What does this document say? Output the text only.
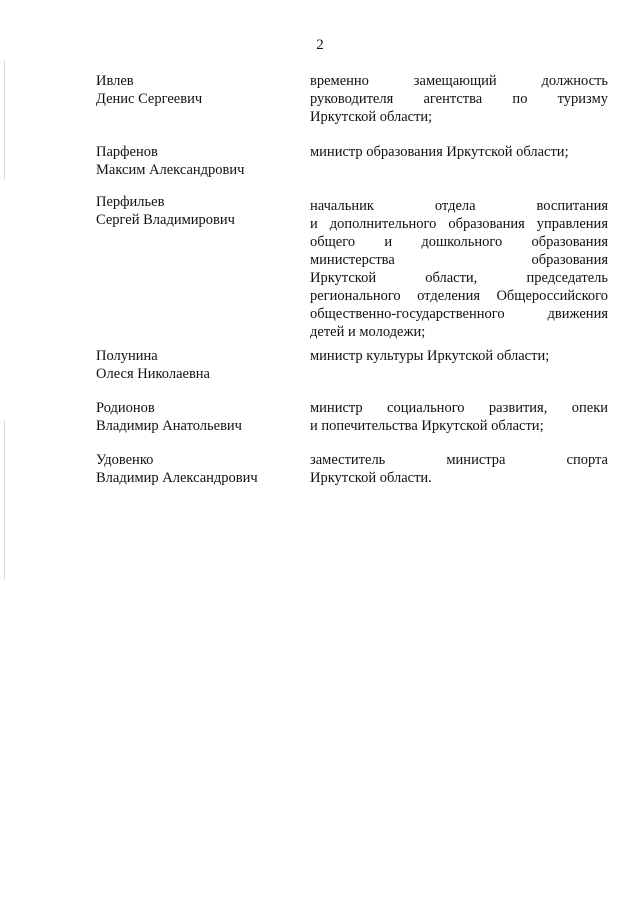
2
Ивлев
Денис Сергеевич
временно замещающий должность
руководителя агентства по туризму
Иркутской области;
Парфенов
Максим Александрович
министр образования Иркутской области;
Перфильев
Сергей Владимирович
начальник отдела воспитания
и дополнительного образования управления
общего и дошкольного образования
министерства образования
Иркутской области, председатель
регионального отделения Общероссийского
общественно-государственного движения
детей и молодежи;
Полунина
Олеся Николаевна
министр культуры Иркутской области;
Родионов
Владимир Анатольевич
министр социального развития, опеки
и попечительства Иркутской области;
Удовенко
Владимир Александрович
заместитель министра спорта
Иркутской области.
